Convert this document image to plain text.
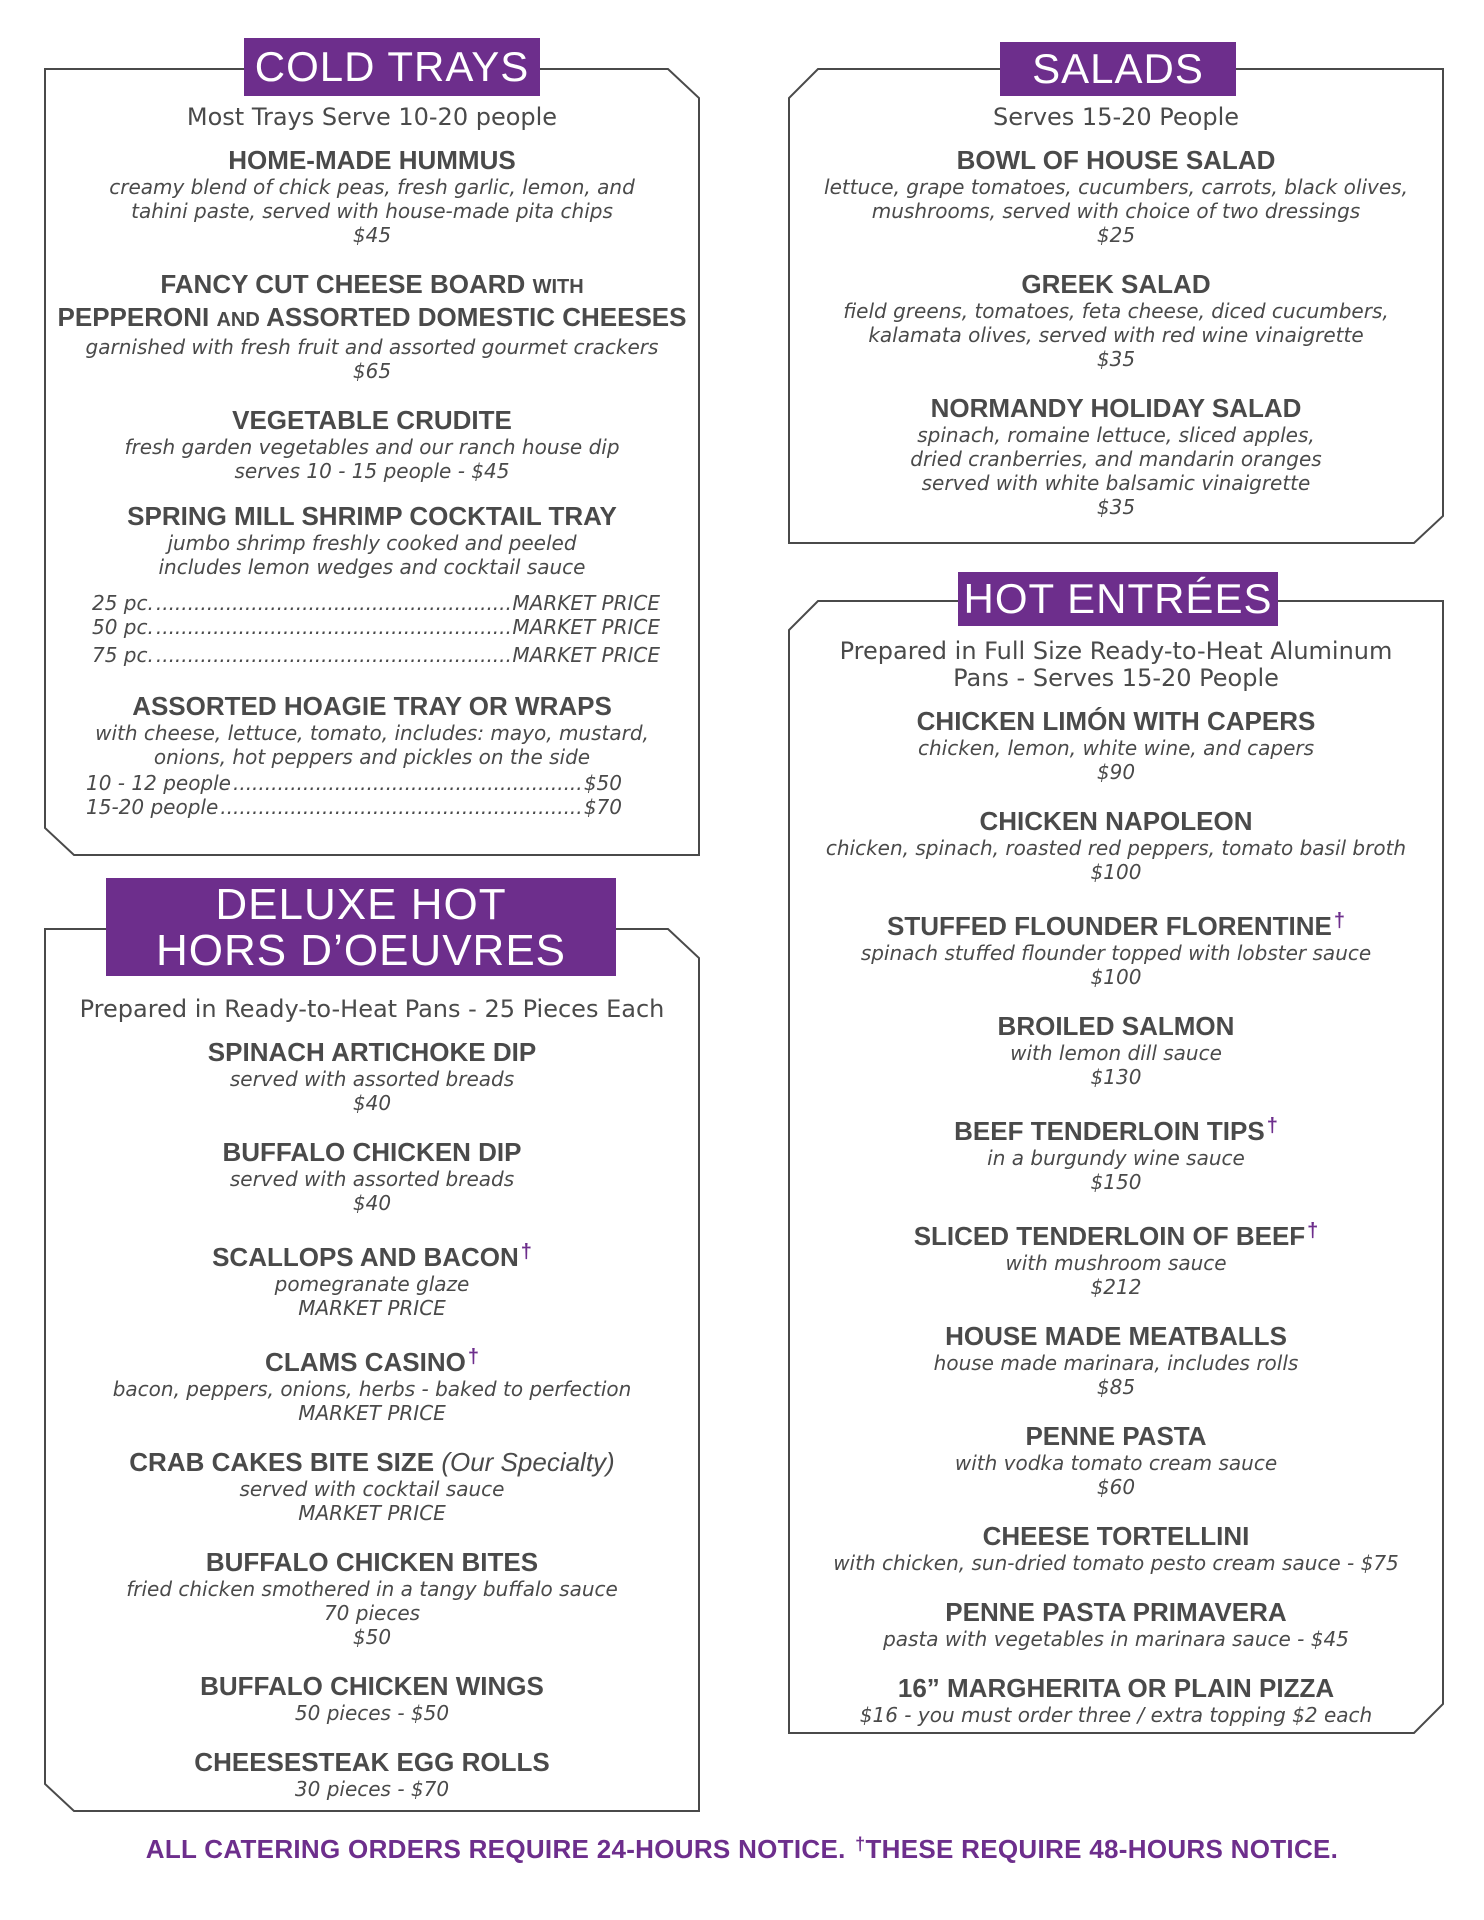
COLD TRAYS
Most Trays Serve 10-20 people
HOME-MADE HUMMUS
creamy blend of chick peas, fresh garlic, lemon, and
tahini paste, served with house-made pita chips
$45
FANCY CUT CHEESE BOARD WITH
PEPPERONI AND ASSORTED DOMESTIC CHEESES
garnished with fresh fruit and assorted gourmet crackers
$65
VEGETABLE CRUDITE
fresh garden vegetables and our ranch house dip
serves 10 - 15 people - $45
SPRING MILL SHRIMP COCKTAIL TRAY
jumbo shrimp freshly cooked and peeled
includes lemon wedges and cocktail sauce
25 pc. .....	MARKET PRICE
50 pc. .....	MARKET PRICE
75 pc. .....	MARKET PRICE
ASSORTED HOAGIE TRAY OR WRAPS
with cheese, lettuce, tomato, includes: mayo, mustard,
onions, hot peppers and pickles on the side
10 - 12 people .....	$50
15-20 people .....	$70
SALADS
Serves 15-20 People
BOWL OF HOUSE SALAD
lettuce, grape tomatoes, cucumbers, carrots, black olives,
mushrooms, served with choice of two dressings
$25
GREEK SALAD
field greens, tomatoes, feta cheese, diced cucumbers,
kalamata olives, served with red wine vinaigrette
$35
NORMANDY HOLIDAY SALAD
spinach, romaine lettuce, sliced apples,
dried cranberries, and mandarin oranges
served with white balsamic vinaigrette
$35
DELUXE HOT
HORS D’OEUVRES
Prepared in Ready-to-Heat Pans - 25 Pieces Each
SPINACH ARTICHOKE DIP
served with assorted breads
$40
BUFFALO CHICKEN DIP
served with assorted breads
$40
SCALLOPS AND BACON †
pomegranate glaze
MARKET PRICE
CLAMS CASINO †
bacon, peppers, onions, herbs - baked to perfection
MARKET PRICE
CRAB CAKES BITE SIZE (Our Specialty)
served with cocktail sauce
MARKET PRICE
BUFFALO CHICKEN BITES
fried chicken smothered in a tangy buffalo sauce
70 pieces
$50
BUFFALO CHICKEN WINGS
50 pieces - $50
CHEESESTEAK EGG ROLLS
30 pieces - $70
HOT ENTRÉES
Prepared in Full Size Ready-to-Heat Aluminum
Pans - Serves 15-20 People
CHICKEN LIMÓN WITH CAPERS
chicken, lemon, white wine, and capers
$90
CHICKEN NAPOLEON
chicken, spinach, roasted red peppers, tomato basil broth
$100
STUFFED FLOUNDER FLORENTINE †
spinach stuffed flounder topped with lobster sauce
$100
BROILED SALMON
with lemon dill sauce
$130
BEEF TENDERLOIN TIPS †
in a burgundy wine sauce
$150
SLICED TENDERLOIN OF BEEF †
with mushroom sauce
$212
HOUSE MADE MEATBALLS
house made marinara, includes rolls
$85
PENNE PASTA
with vodka tomato cream sauce
$60
CHEESE TORTELLINI
with chicken, sun-dried tomato pesto cream sauce - $75
PENNE PASTA PRIMAVERA
pasta with vegetables in marinara sauce - $45
16” MARGHERITA OR PLAIN PIZZA
$16 - you must order three / extra topping $2 each
ALL CATERING ORDERS REQUIRE 24-HOURS NOTICE. †THESE REQUIRE 48-HOURS NOTICE.
